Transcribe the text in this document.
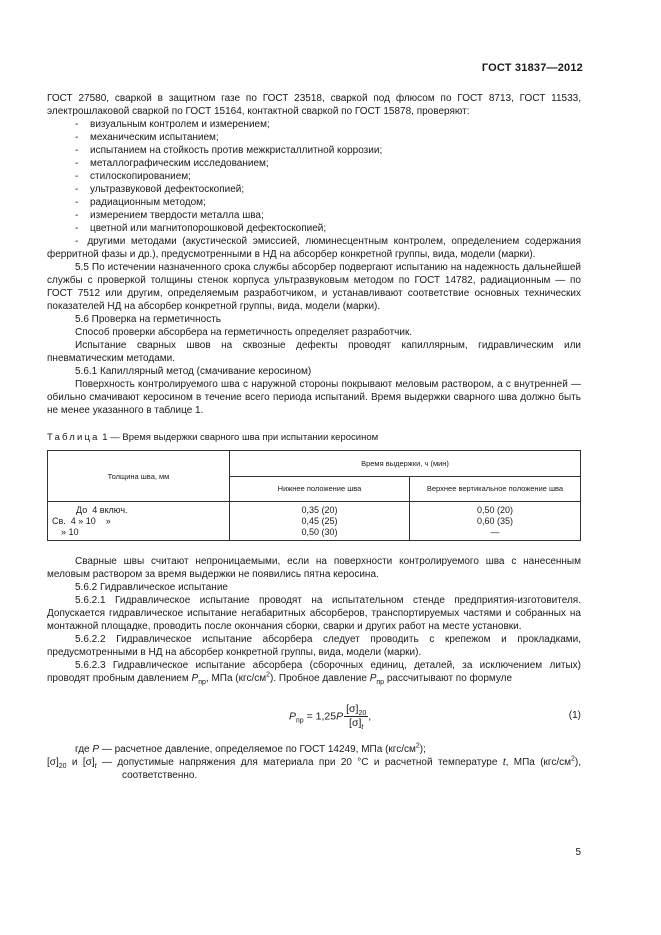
ГОСТ 31837—2012

ГОСТ 27580, сваркой в защитном газе по ГОСТ 23518, сваркой под флюсом по ГОСТ 8713, ГОСТ 11533, электрошлаковой сваркой по ГОСТ 15164, контактной сваркой по ГОСТ 15878, проверяют:

- визуальным контролем и измерением;
- механическим испытанием;
- испытанием на стойкость против межкристаллитной коррозии;
- металлографическим исследованием;
- стилоскопированием;
- ультразвуковой дефектоскопией;
- радиационным методом;
- измерением твердости металла шва;
- цветной или магнитопорошковой дефектоскопией;
- другими методами (акустической эмиссией, люминесцентным контролем, определением содержания ферритной фазы и др.), предусмотренными в НД на абсорбер конкретной группы, вида, модели (марки).

5.5 По истечении назначенного срока службы абсорбер подвергают испытанию на надежность дальнейшей службы с проверкой толщины стенок корпуса ультразвуковым методом по ГОСТ 14782, радиационным — по ГОСТ 7512 или другим, определяемым разработчиком, и устанавливают соответствие основных технических показателей НД на абсорбер конкретной группы, вида, модели (марки).

5.6 Проверка на герметичность

Способ проверки абсорбера на герметичность определяет разработчик.

Испытание сварных швов на сквозные дефекты проводят капиллярным, гидравлическим или пневматическим методами.

5.6.1 Капиллярный метод (смачивание керосином)

Поверхность контролируемого шва с наружной стороны покрывают меловым раствором, а с внутренней — обильно смачивают керосином в течение всего периода испытаний. Время выдержки сварного шва должно быть не менее указанного в таблице 1.

Таблица 1 — Время выдержки сварного шва при испытании керосином
Толщина шва, мм	Время выдержки, ч (мин)	
	Нижнее положение шва	Верхнее вертикальное положение шва
До  4 включ.	0,35 (20)	0,50 (20)
Св.  4 » 10    »	0,45 (25)	0,60 (35)
» 10	0,50 (30)	—

Сварные швы считают непроницаемыми, если на поверхности контролируемого шва с нанесенным меловым раствором за время выдержки не появились пятна керосина.

5.6.2 Гидравлическое испытание

5.6.2.1 Гидравлическое испытание проводят на испытательном стенде предприятия-изготовителя. Допускается гидравлическое испытание негабаритных абсорберов, транспортируемых частями и собранных на монтажной площадке, проводить после окончания сборки, сварки и других работ на месте установки.

5.6.2.2 Гидравлическое испытание абсорбера следует проводить с крепежом и прокладками, предусмотренными в НД на абсорбер конкретной группы, вида, модели (марки).

5.6.2.3 Гидравлическое испытание абсорбера (сборочных единиц, деталей, за исключением литых) проводят пробным давлением $P_{пр}$, МПа $(кгс/см^2)$. Пробное давление $P_{пр}$ рассчитывают по формуле

$P_{пр} = 1,25P \frac{[\sigma]_{20}}{[\sigma]_t}$ ,	(1)

где P — расчетное давление, определяемое по ГОСТ 14249, МПа $(кгс/см^2)$;

$[\sigma]_{20}$ и $[\sigma]_t$ — допустимые напряжения для материала при 20 °С и расчетной температуре t, МПа $(кгс/см^2)$, соответственно.

5
